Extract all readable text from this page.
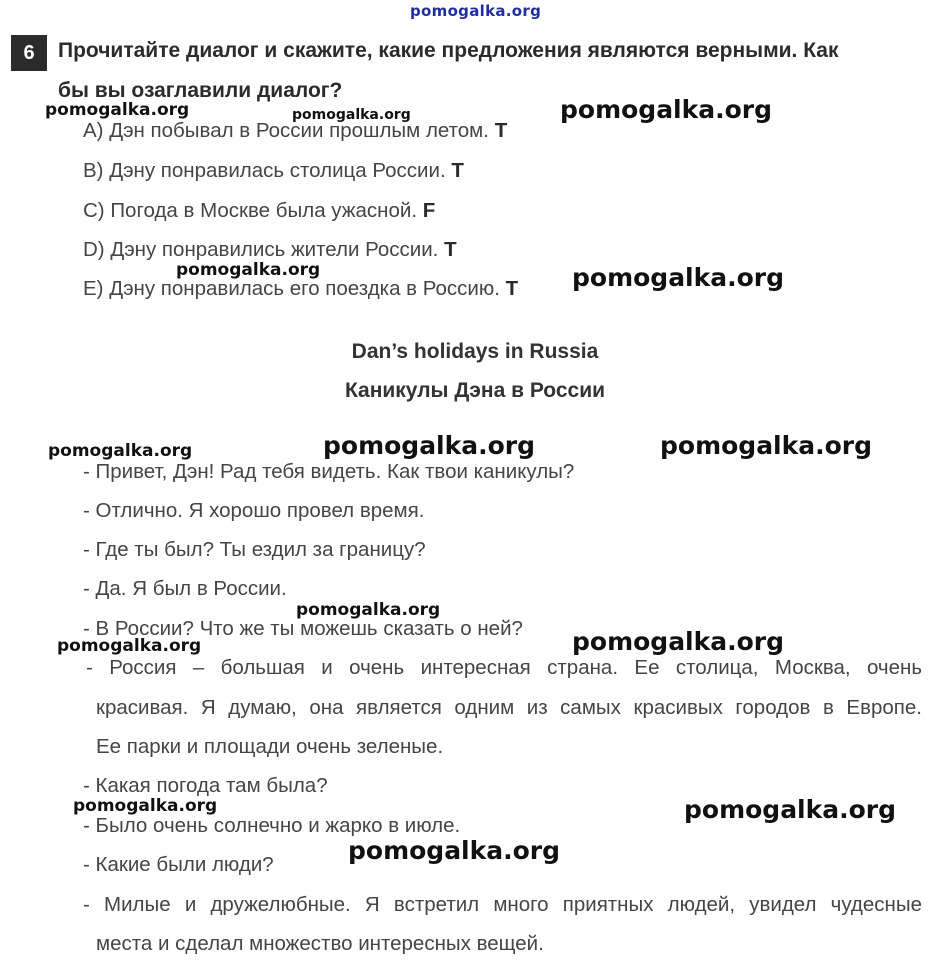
pomogalka.org
6	Прочитайте диалог и скажите, какие предложения являются верными. Как
бы вы озаглавили диалог?
A) Дэн побывал в России прошлым летом. T
B) Дэну понравилась столица России. T
C) Погода в Москве была ужасной. F
D) Дэну понравились жители России. T
E) Дэну понравилась его поездка в Россию. T
Dan’s holidays in Russia
Каникулы Дэна в России
- Привет, Дэн! Рад тебя видеть. Как твои каникулы?
- Отлично. Я хорошо провел время.
- Где ты был? Ты ездил за границу?
- Да. Я был в России.
- В России? Что же ты можешь сказать о ней?
- Россия – большая и очень интересная страна. Ее столица, Москва, очень
красивая. Я думаю, она является одним из самых красивых городов в Европе.
Ее парки и площади очень зеленые.
- Какая погода там была?
- Было очень солнечно и жарко в июле.
- Какие были люди?
- Милые и дружелюбные. Я встретил много приятных людей, увидел чудесные
места и сделал множество интересных вещей.
pomogalka.org	pomogalka.org	pomogalka.org
pomogalka.org	pomogalka.org
pomogalka.org	pomogalka.org	pomogalka.org
pomogalka.org
pomogalka.org	pomogalka.org
pomogalka.org	pomogalka.org
pomogalka.org
